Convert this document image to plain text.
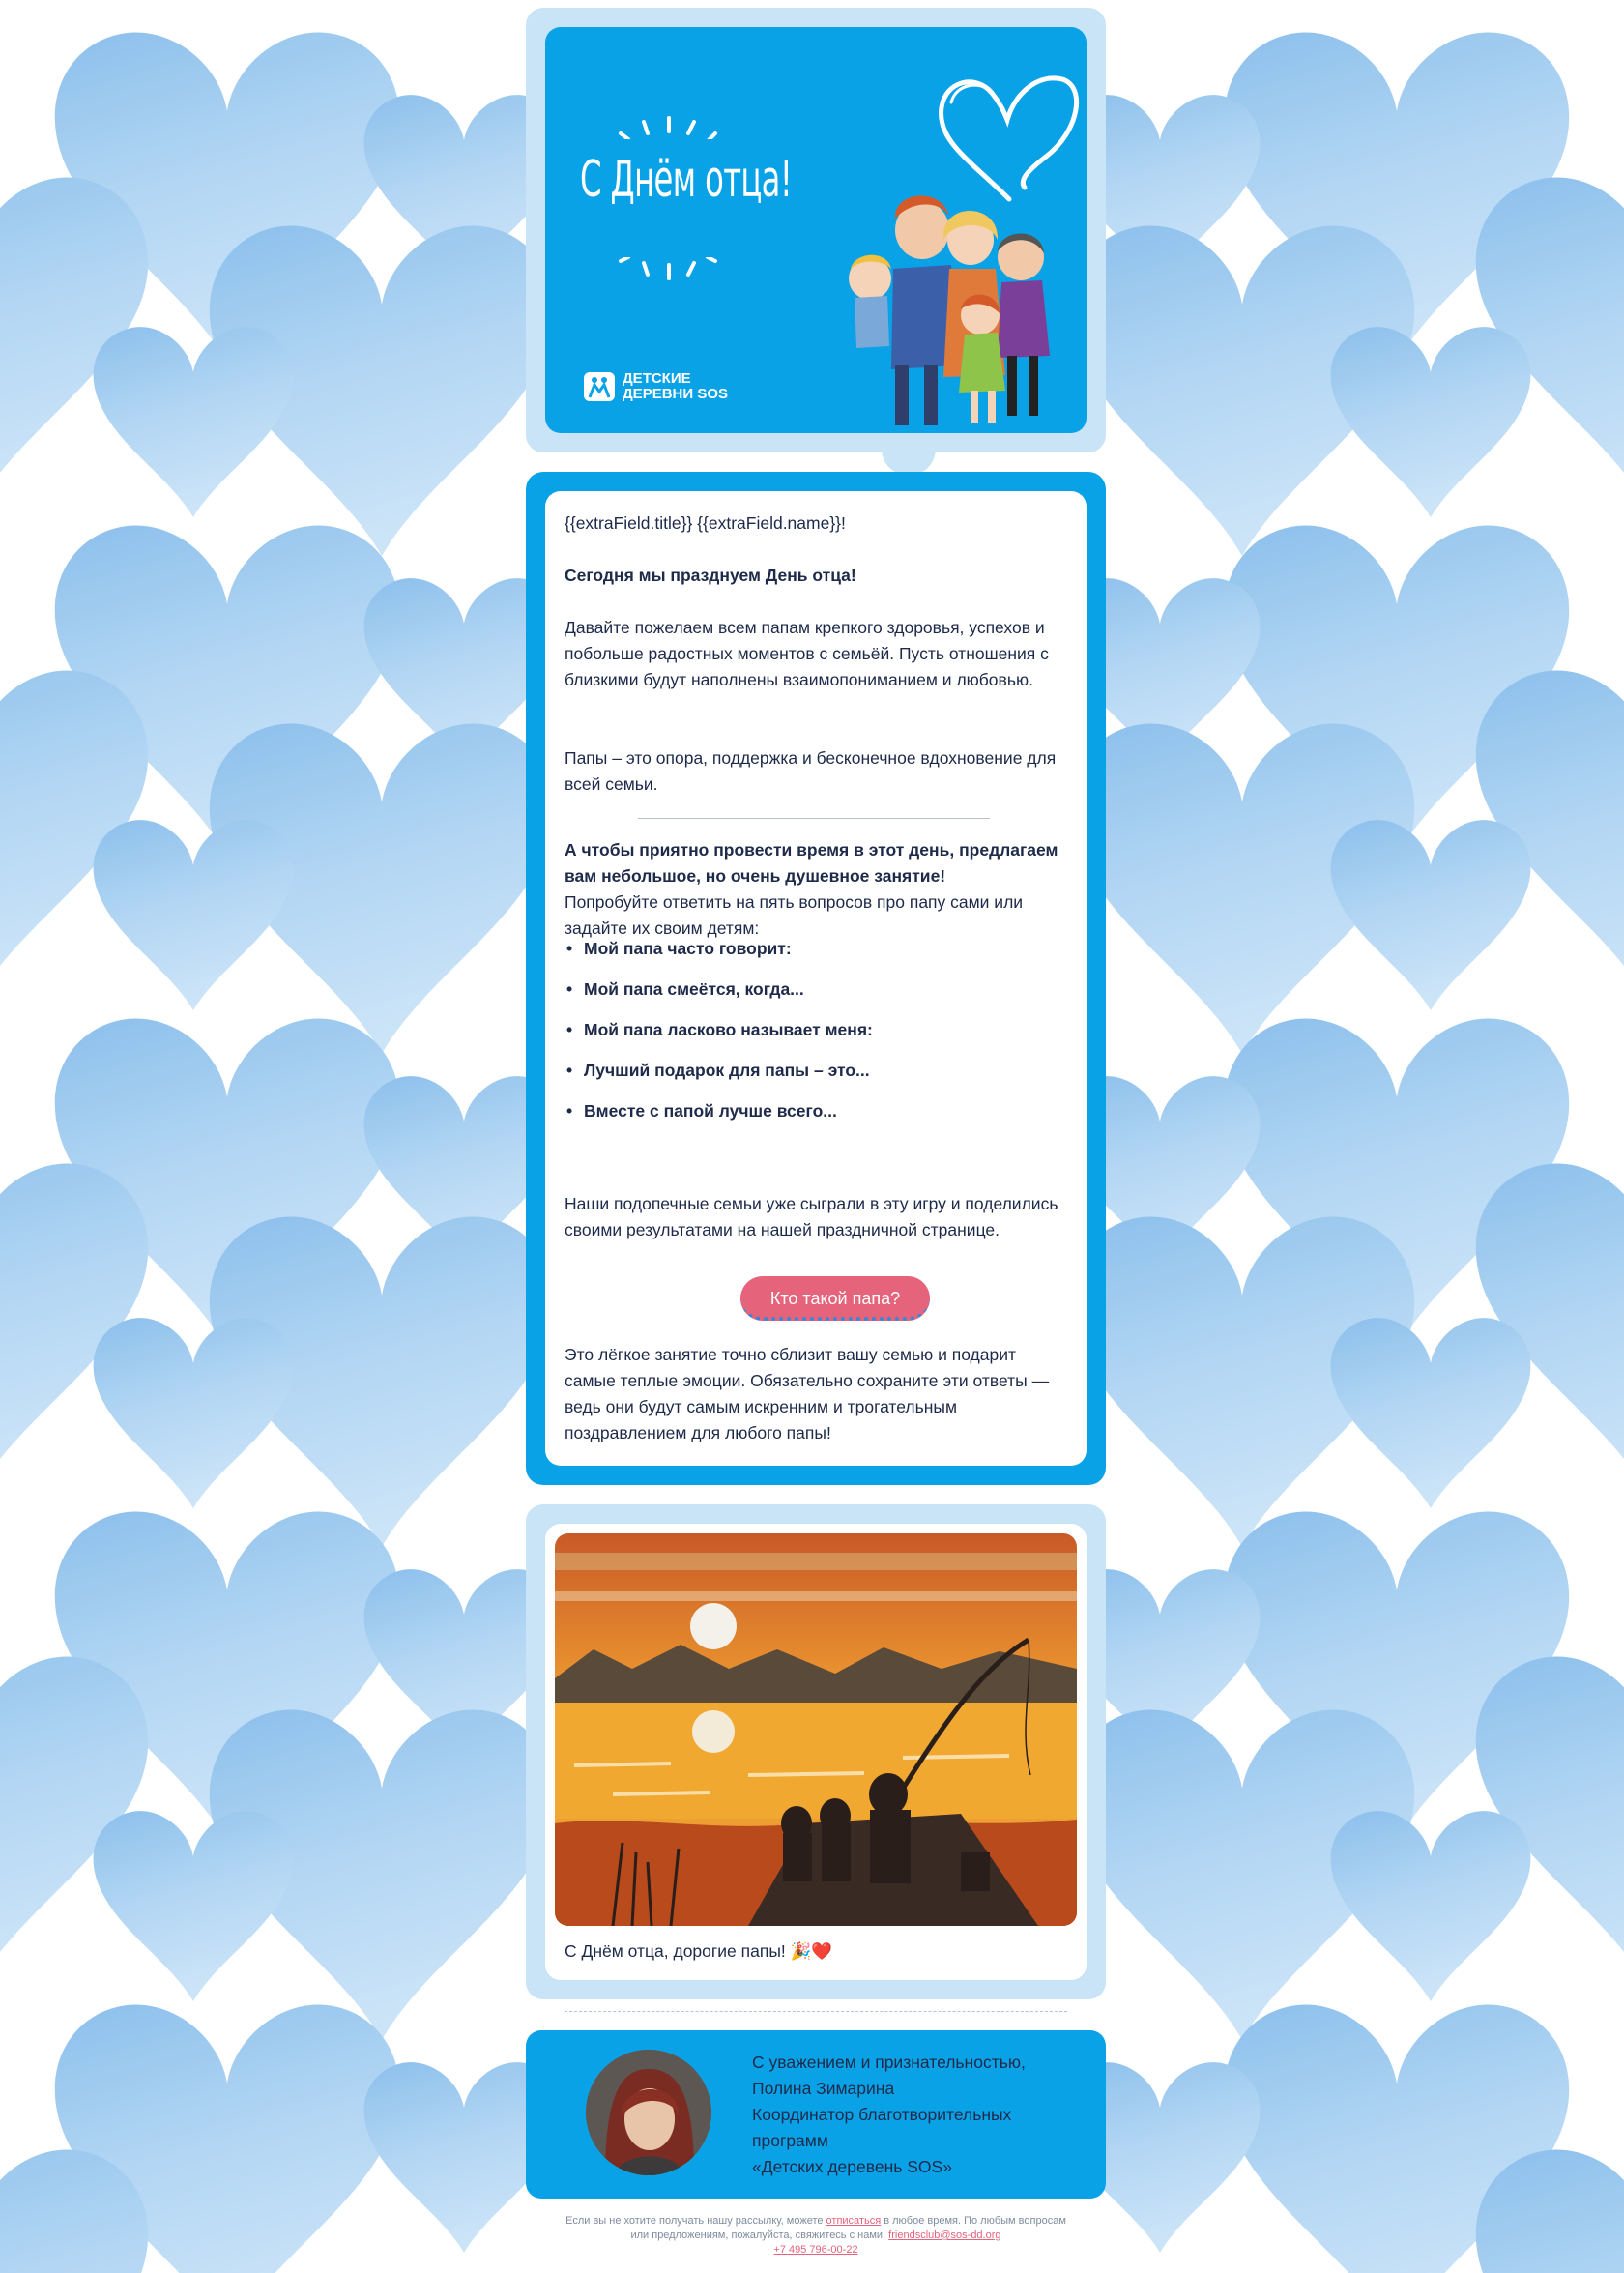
С Днём отца!
ДЕТСКИЕ
ДЕРЕВНИ SOS

{{extraField.title}} {{extraField.name}}!

Сегодня мы празднуем День отца!

Давайте пожелаем всем папам крепкого здоровья, успехов и побольше радостных моментов с семьёй. Пусть отношения с близкими будут наполнены взаимопониманием и любовью.

Папы – это опора, поддержка и бесконечное вдохновение для всей семьи.

А чтобы приятно провести время в этот день, предлагаем вам небольшое, но очень душевное занятие!

Попробуйте ответить на пять вопросов про папу сами или задайте их своим детям:

• Мой папа часто говорит:
• Мой папа смеётся, когда...
• Мой папа ласково называет меня:
• Лучший подарок для папы – это...
• Вместе с папой лучше всего...

Наши подопечные семьи уже сыграли в эту игру и поделились своими результатами на нашей праздничной странице.

Кто такой папа?

Это лёгкое занятие точно сблизит вашу семью и подарит самые теплые эмоции. Обязательно сохраните эти ответы — ведь они будут самым искренним и трогательным поздравлением для любого папы!

С Днём отца, дорогие папы! 🎉❤️
С уважением и признательностью,
Полина Зимарина
Координатор благотворительных
программ
«Детских деревень SOS»
Если вы не хотите получать нашу рассылку, можете отписаться в любое время. По любым вопросам или предложениям, пожалуйста, свяжитесь с нами: friendsclub@sos-dd.org
+7 495 796-00-22
